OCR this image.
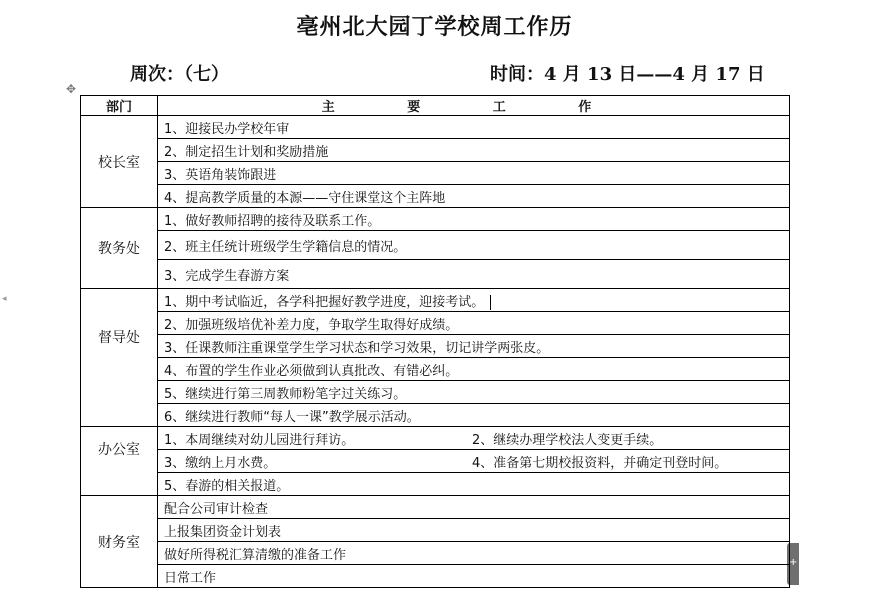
亳州北大园丁学校周工作历
周次：（七）	时间：4 月 13 日——4 月 17 日
✥
◂
+
部门	主 要 工 作
校长室	1、迎接民办学校年审
	2、制定招生计划和奖励措施
	3、英语角装饰跟进
	4、提高教学质量的本源——守住课堂这个主阵地
教务处	1、做好教师招聘的接待及联系工作。
	2、班主任统计班级学生学籍信息的情况。
	3、完成学生春游方案
督导处	1、期中考试临近，各学科把握好教学进度，迎接考试。
	2、加强班级培优补差力度，争取学生取得好成绩。
	3、任课教师注重课堂学生学习状态和学习效果，切记讲学两张皮。
	4、布置的学生作业必须做到认真批改、有错必纠。
	5、继续进行第三周教师粉笔字过关练习。
	6、继续进行教师“每人一课”教学展示活动。
办公室	1、本周继续对幼儿园进行拜访。 2、继续办理学校法人变更手续。

	3、缴纳上月水费。 4、准备第七期校报资料，并确定刊登时间。

	5、春游的相关报道。
财务室	配合公司审计检查
	上报集团资金计划表
	做好所得税汇算清缴的准备工作
	日常工作
